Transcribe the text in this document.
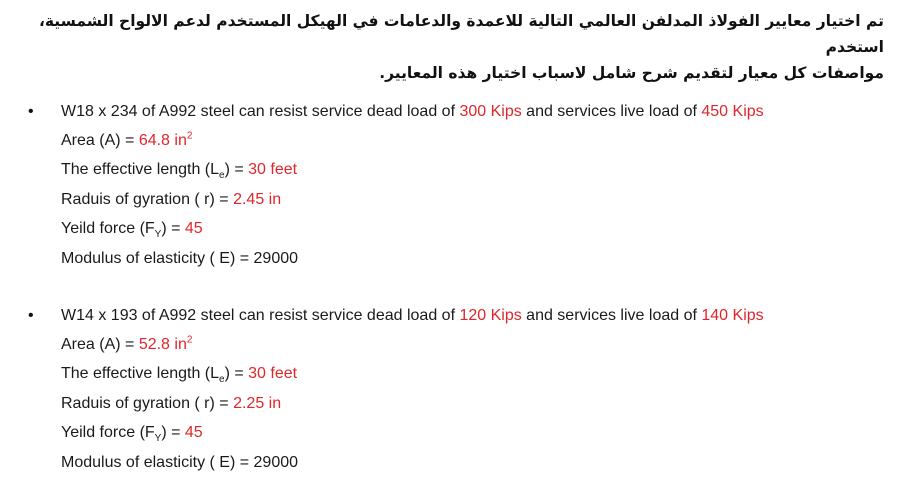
تم اختيار معايير الفولاذ المدلفن العالمي التالية للاعمدة والدعامات في الهيكل المستخدم لدعم الالواح الشمسية، استخدم
مواصفات كل معيار لتقديم شرح شامل لاسباب اختيار هذه المعايير.
• W18 x 234 of A992 steel can resist service dead load of 300 Kips and services live load of 450 Kips
Area (A) = 64.8 $in^2$
The effective length $(L_e) = 30$ feet
Raduis of gyration ( r) = 2.45 in
Yeild force $(F_Y) = 45$
Modulus of elasticity ( E) = 29000
• W14 x 193 of A992 steel can resist service dead load of 120 Kips and services live load of 140 Kips
Area (A) = 52.8 $in^2$
The effective length $(L_e) = 30$ feet
Raduis of gyration ( r) = 2.25 in
Yeild force $(F_Y) = 45$
Modulus of elasticity ( E) = 29000
